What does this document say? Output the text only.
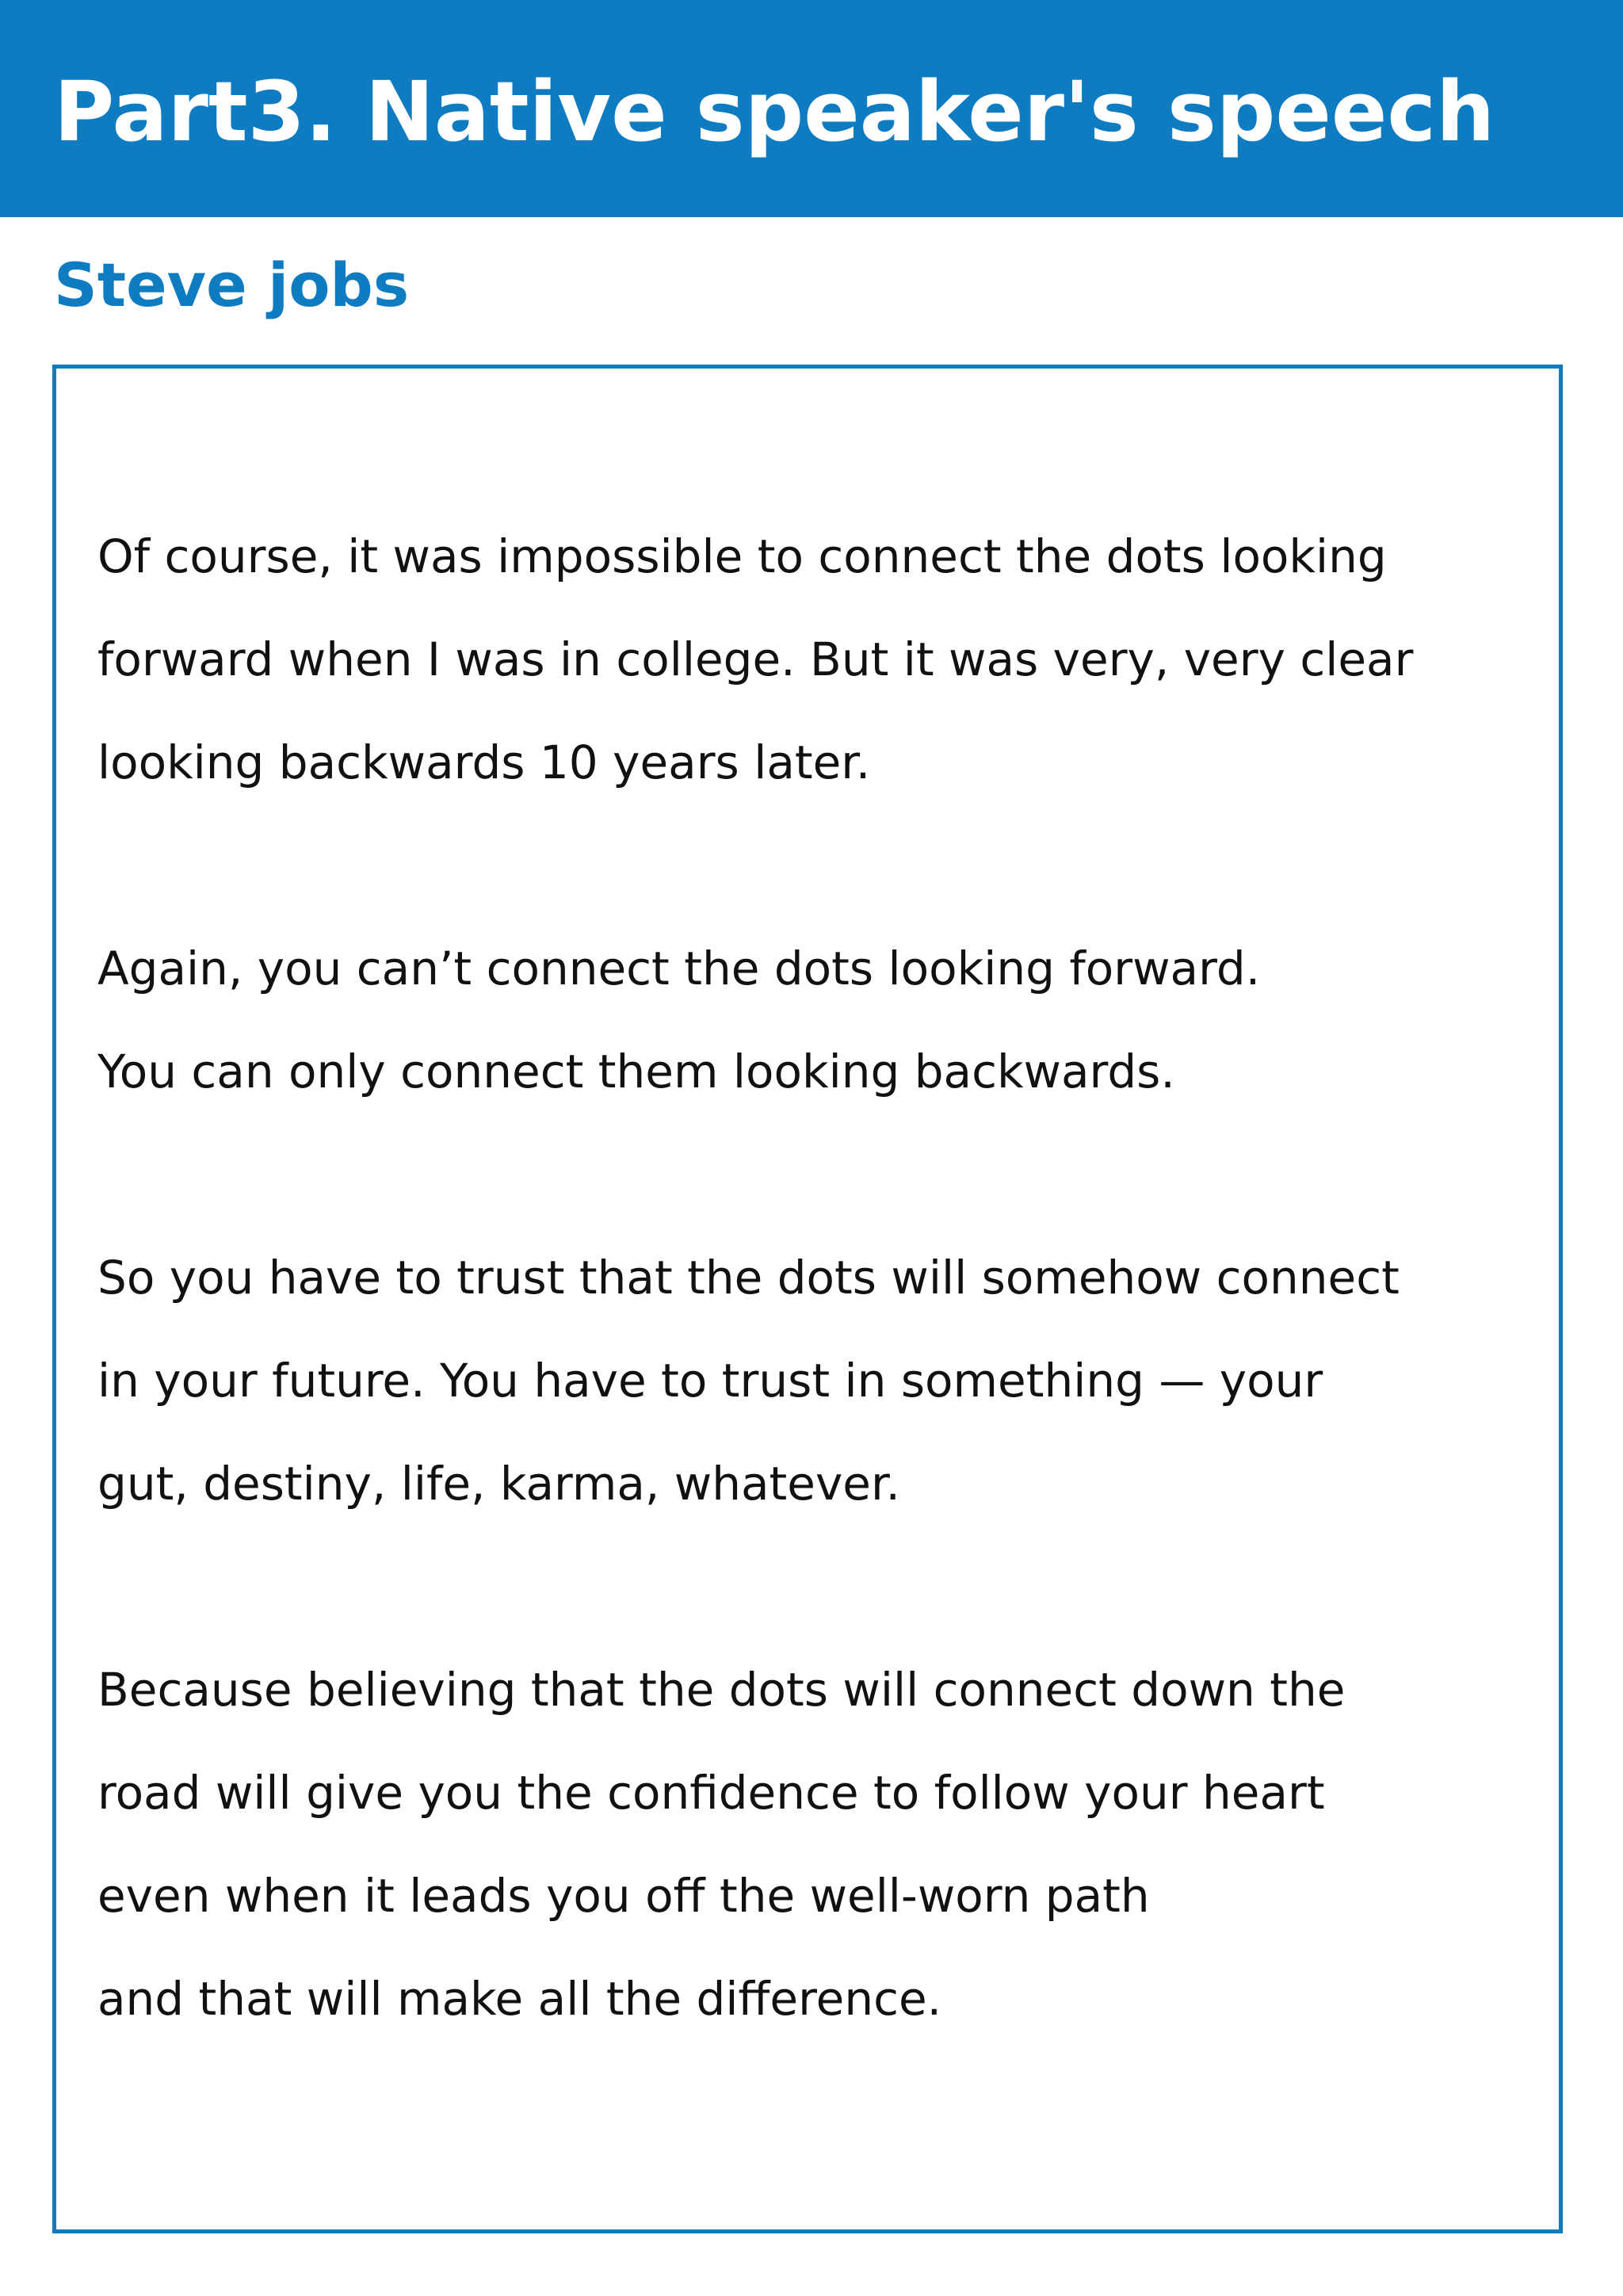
Part3. Native speaker's speech
Steve jobs

Of course, it was impossible to connect the dots looking
forward when I was in college. But it was very, very clear
looking backwards 10 years later.

Again, you can’t connect the dots looking forward.
You can only connect them looking backwards.

So you have to trust that the dots will somehow connect
in your future. You have to trust in something — your
gut, destiny, life, karma, whatever.

Because believing that the dots will connect down the
road will give you the confidence to follow your heart
even when it leads you off the well-worn path
and that will make all the difference.
